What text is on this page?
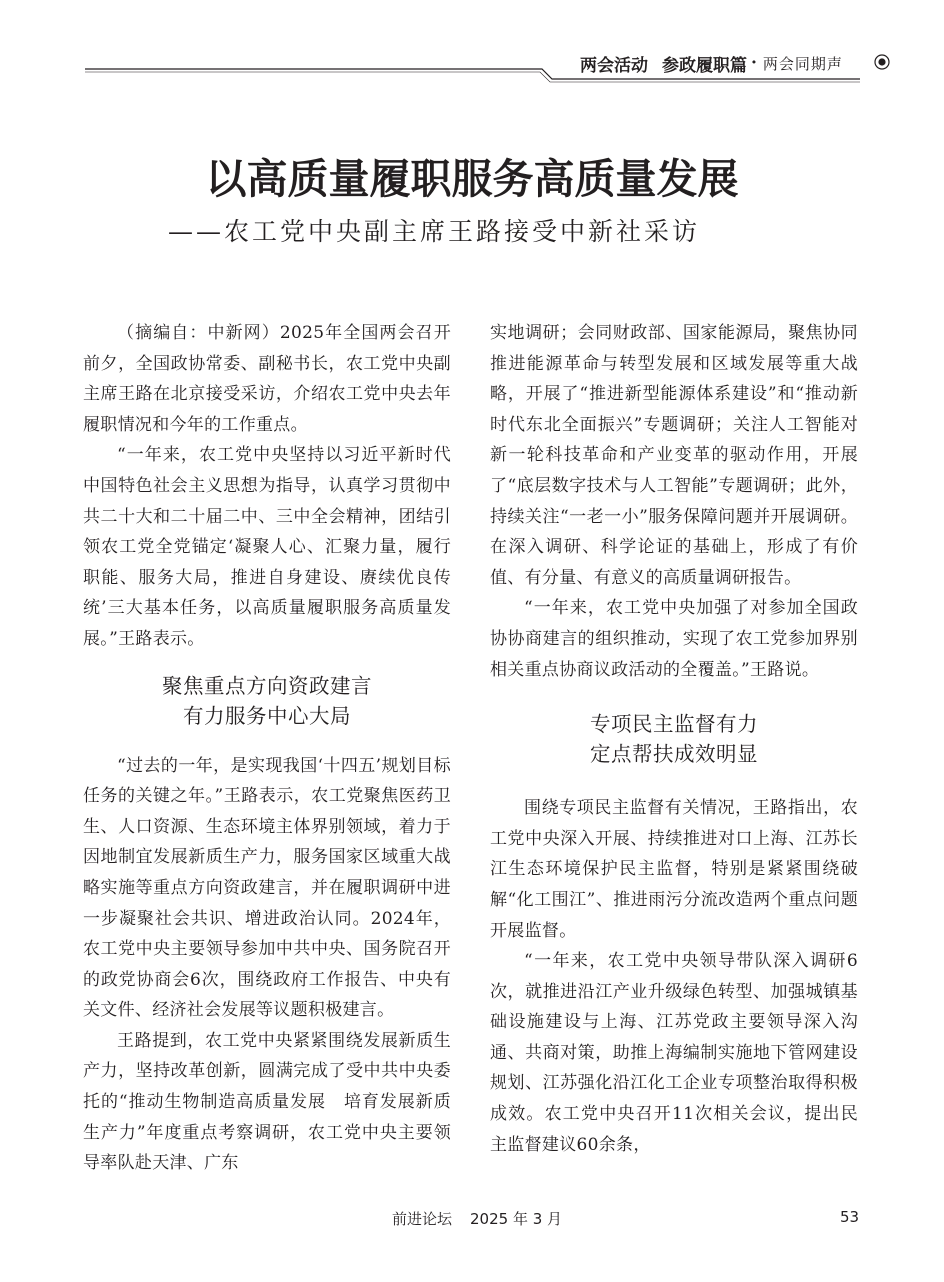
两会活动 参政履职篇 · 两会同期声
以高质量履职服务高质量发展
——农工党中央副主席王路接受中新社采访

（摘编自：中新网）2025年全国两会召开前夕，全国政协常委、副秘书长，农工党中央副主席王路在北京接受采访，介绍农工党中央去年履职情况和今年的工作重点。

“一年来，农工党中央坚持以习近平新时代中国特色社会主义思想为指导，认真学习贯彻中共二十大和二十届二中、三中全会精神，团结引领农工党全党锚定‘凝聚人心、汇聚力量，履行职能、服务大局，推进自身建设、赓续优良传统’三大基本任务，以高质量履职服务高质量发展。”王路表示。

聚焦重点方向资政建言
有力服务中心大局

“过去的一年，是实现我国‘十四五’规划目标任务的关键之年。”王路表示，农工党聚焦医药卫生、人口资源、生态环境主体界别领域，着力于因地制宜发展新质生产力，服务国家区域重大战略实施等重点方向资政建言，并在履职调研中进一步凝聚社会共识、增进政治认同。2024年，农工党中央主要领导参加中共中央、国务院召开的政党协商会6次，围绕政府工作报告、中央有关文件、经济社会发展等议题积极建言。

王路提到，农工党中央紧紧围绕发展新质生产力，坚持改革创新，圆满完成了受中共中央委托的“推动生物制造高质量发展　培育发展新质生产力”年度重点考察调研，农工党中央主要领导率队赴天津、广东

实地调研；会同财政部、国家能源局，聚焦协同推进能源革命与转型发展和区域发展等重大战略，开展了“推进新型能源体系建设”和“推动新时代东北全面振兴”专题调研；关注人工智能对新一轮科技革命和产业变革的驱动作用，开展了“底层数字技术与人工智能”专题调研；此外，持续关注“一老一小”服务保障问题并开展调研。在深入调研、科学论证的基础上，形成了有价值、有分量、有意义的高质量调研报告。

“一年来，农工党中央加强了对参加全国政协协商建言的组织推动，实现了农工党参加界别相关重点协商议政活动的全覆盖。”王路说。

专项民主监督有力
定点帮扶成效明显

围绕专项民主监督有关情况，王路指出，农工党中央深入开展、持续推进对口上海、江苏长江生态环境保护民主监督，特别是紧紧围绕破解“化工围江”、推进雨污分流改造两个重点问题开展监督。

“一年来，农工党中央领导带队深入调研6次，就推进沿江产业升级绿色转型、加强城镇基础设施建设与上海、江苏党政主要领导深入沟通、共商对策，助推上海编制实施地下管网建设规划、江苏强化沿江化工企业专项整治取得积极成效。农工党中央召开11次相关会议，提出民主监督建议60余条，

前进论坛 2025 年 3 月	53
